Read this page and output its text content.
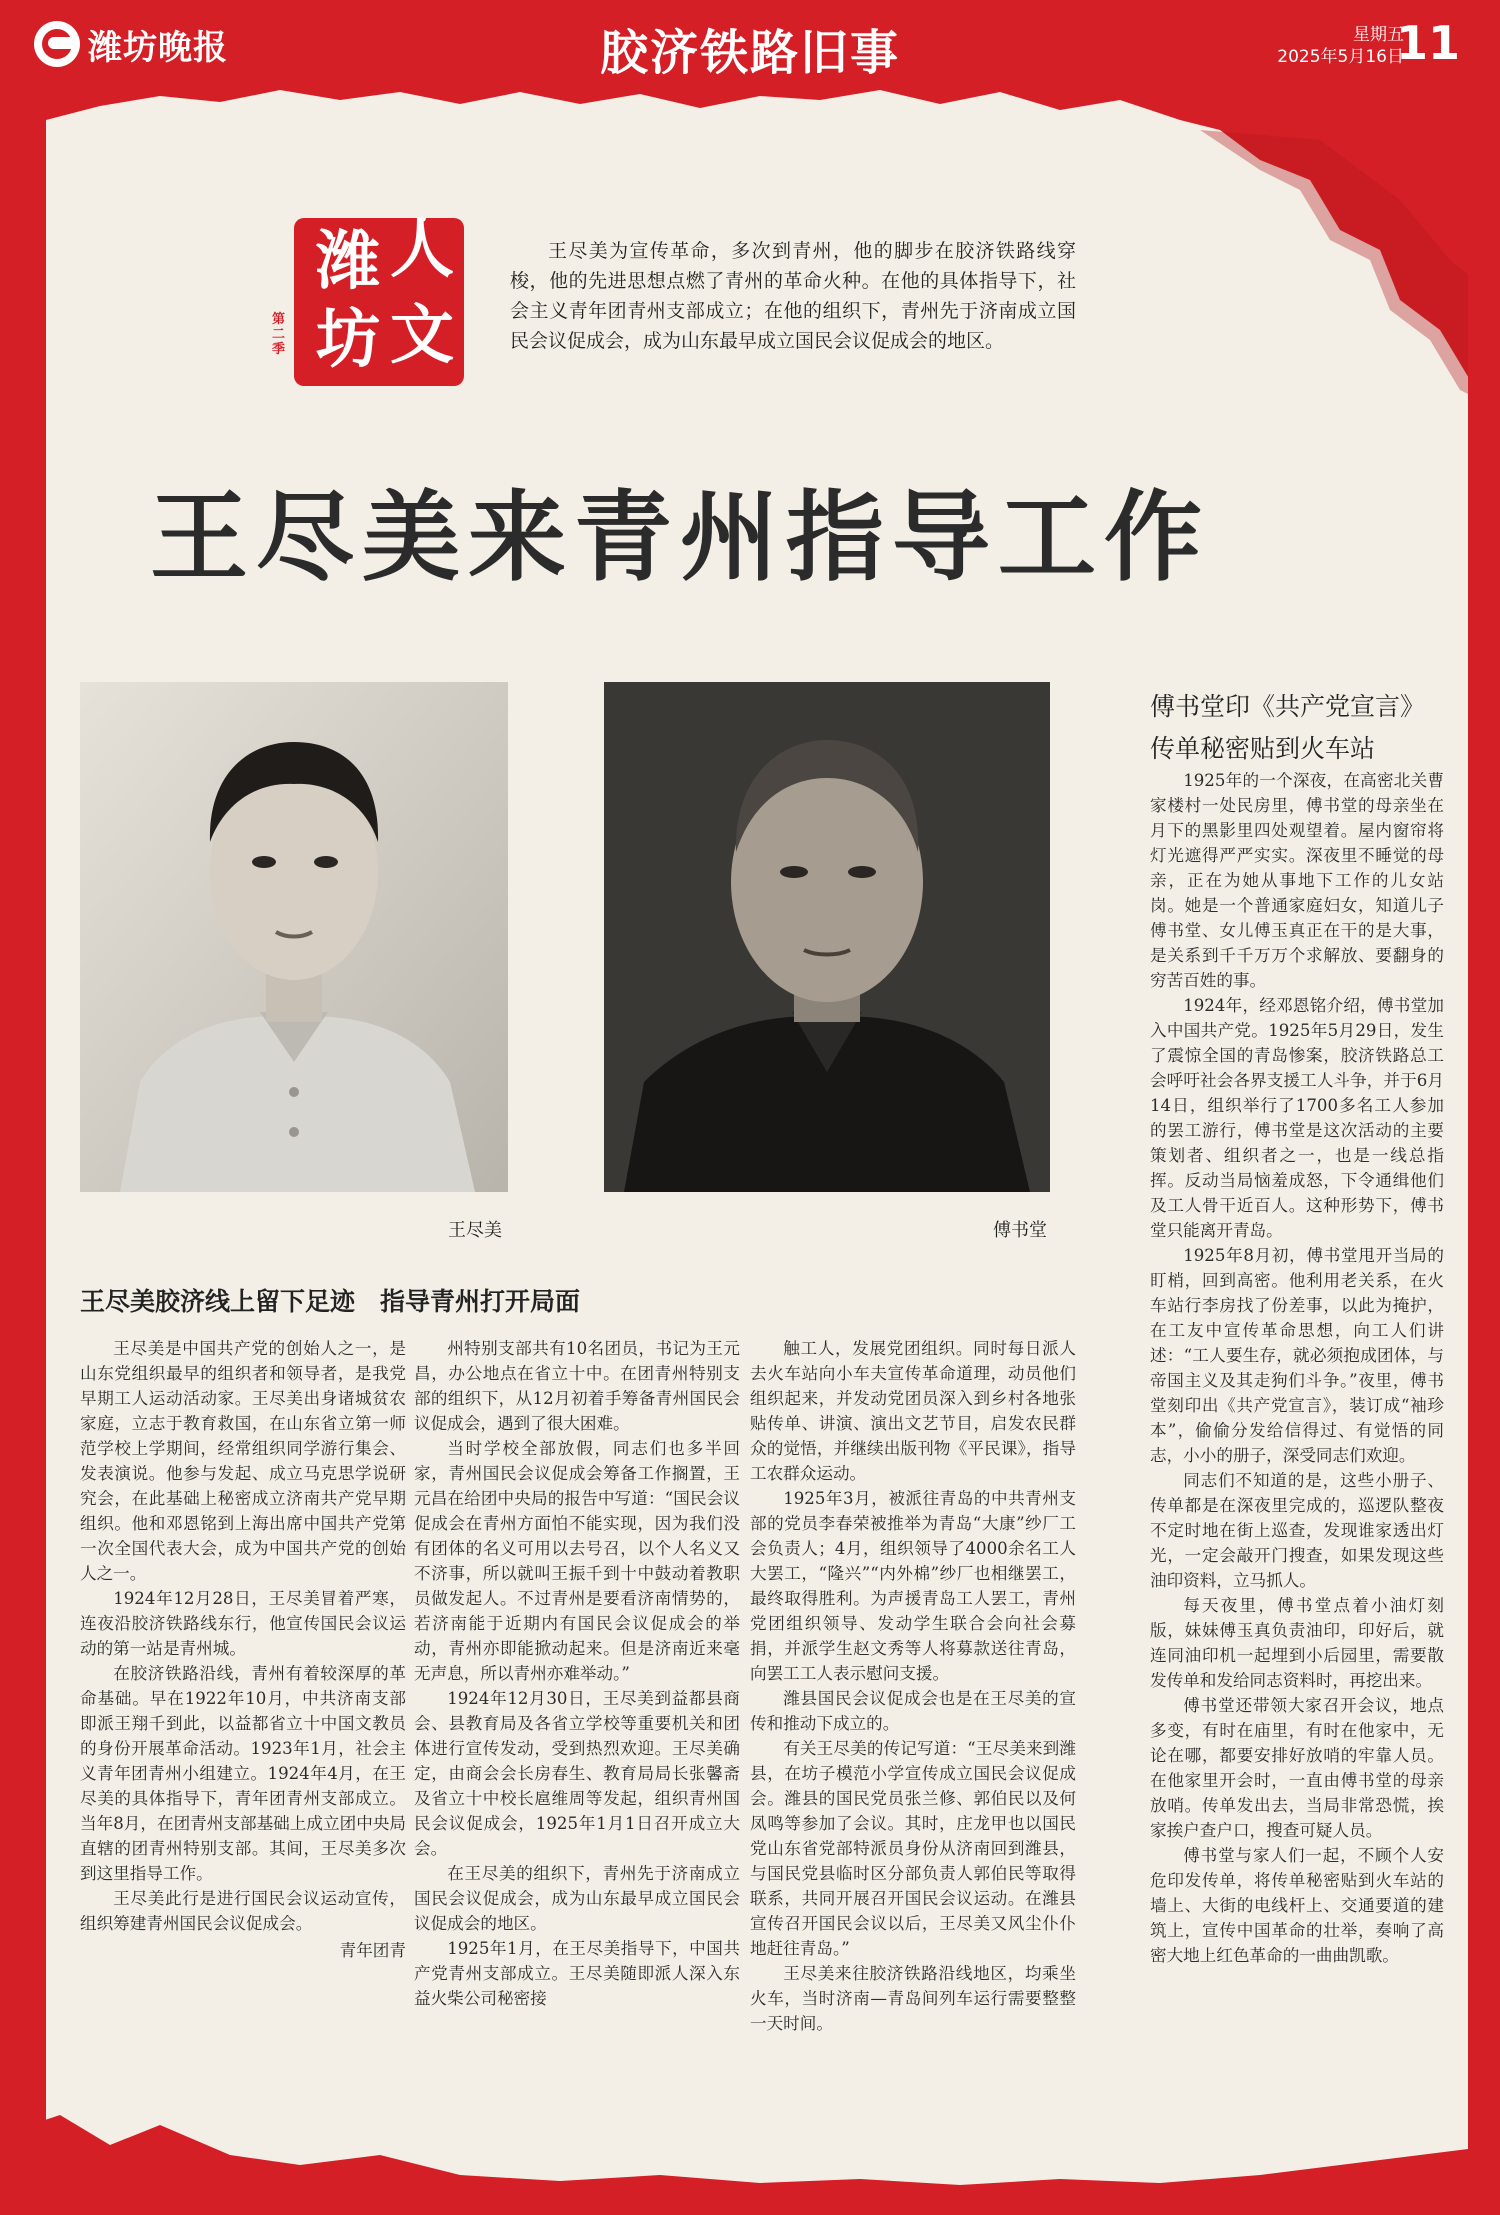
潍坊晚报	胶济铁路旧事	星期五
2025年5月16日
11
潍 人
坊 文
第二季

王尽美为宣传革命，多次到青州，他的脚步在胶济铁路线穿梭，他的先进思想点燃了青州的革命火种。在他的具体指导下，社会主义青年团青州支部成立；在他的组织下，青州先于济南成立国民会议促成会，成为山东最早成立国民会议促成会的地区。

王尽美来青州指导工作
王尽美	傅书堂
傅书堂印《共产党宣言》
传单秘密贴到火车站

1925年的一个深夜，在高密北关曹家楼村一处民房里，傅书堂的母亲坐在月下的黑影里四处观望着。屋内窗帘将灯光遮得严严实实。深夜里不睡觉的母亲，正在为她从事地下工作的儿女站岗。她是一个普通家庭妇女，知道儿子傅书堂、女儿傅玉真正在干的是大事，是关系到千千万万个求解放、要翻身的穷苦百姓的事。

1924年，经邓恩铭介绍，傅书堂加入中国共产党。1925年5月29日，发生了震惊全国的青岛惨案，胶济铁路总工会呼吁社会各界支援工人斗争，并于6月14日，组织举行了1700多名工人参加的罢工游行，傅书堂是这次活动的主要策划者、组织者之一，也是一线总指挥。反动当局恼羞成怒，下令通缉他们及工人骨干近百人。这种形势下，傅书堂只能离开青岛。

1925年8月初，傅书堂甩开当局的盯梢，回到高密。他利用老关系，在火车站行李房找了份差事，以此为掩护，在工友中宣传革命思想，向工人们讲述：“工人要生存，就必须抱成团体，与帝国主义及其走狗们斗争。”夜里，傅书堂刻印出《共产党宣言》，装订成“袖珍本”，偷偷分发给信得过、有觉悟的同志，小小的册子，深受同志们欢迎。

同志们不知道的是，这些小册子、传单都是在深夜里完成的，巡逻队整夜不定时地在街上巡查，发现谁家透出灯光，一定会敲开门搜查，如果发现这些油印资料，立马抓人。

每天夜里，傅书堂点着小油灯刻版，妹妹傅玉真负责油印，印好后，就连同油印机一起埋到小后园里，需要散发传单和发给同志资料时，再挖出来。

傅书堂还带领大家召开会议，地点多变，有时在庙里，有时在他家中，无论在哪，都要安排好放哨的牢靠人员。在他家里开会时，一直由傅书堂的母亲放哨。传单发出去，当局非常恐慌，挨家挨户查户口，搜查可疑人员。

傅书堂与家人们一起，不顾个人安危印发传单，将传单秘密贴到火车站的墙上、大街的电线杆上、交通要道的建筑上，宣传中国革命的壮举，奏响了高密大地上红色革命的一曲曲凯歌。

王尽美胶济线上留下足迹　指导青州打开局面

王尽美是中国共产党的创始人之一，是山东党组织最早的组织者和领导者，是我党早期工人运动活动家。王尽美出身诸城贫农家庭，立志于教育救国，在山东省立第一师范学校上学期间，经常组织同学游行集会、发表演说。他参与发起、成立马克思学说研究会，在此基础上秘密成立济南共产党早期组织。他和邓恩铭到上海出席中国共产党第一次全国代表大会，成为中国共产党的创始人之一。

1924年12月28日，王尽美冒着严寒，连夜沿胶济铁路线东行，他宣传国民会议运动的第一站是青州城。

在胶济铁路沿线，青州有着较深厚的革命基础。早在1922年10月，中共济南支部即派王翔千到此，以益都省立十中国文教员的身份开展革命活动。1923年1月，社会主义青年团青州小组建立。1924年4月，在王尽美的具体指导下，青年团青州支部成立。当年8月，在团青州支部基础上成立团中央局直辖的团青州特别支部。其间，王尽美多次到这里指导工作。

王尽美此行是进行国民会议运动宣传，组织筹建青州国民会议促成会。

青年团青

州特别支部共有10名团员，书记为王元昌，办公地点在省立十中。在团青州特别支部的组织下，从12月初着手筹备青州国民会议促成会，遇到了很大困难。

当时学校全部放假，同志们也多半回家，青州国民会议促成会筹备工作搁置，王元昌在给团中央局的报告中写道：“国民会议促成会在青州方面怕不能实现，因为我们没有团体的名义可用以去号召，以个人名义又不济事，所以就叫王振千到十中鼓动着教职员做发起人。不过青州是要看济南情势的，若济南能于近期内有国民会议促成会的举动，青州亦即能掀动起来。但是济南近来毫无声息，所以青州亦难举动。”

1924年12月30日，王尽美到益都县商会、县教育局及各省立学校等重要机关和团体进行宣传发动，受到热烈欢迎。王尽美确定，由商会会长房春生、教育局局长张馨斋及省立十中校长扈维周等发起，组织青州国民会议促成会，1925年1月1日召开成立大会。

在王尽美的组织下，青州先于济南成立国民会议促成会，成为山东最早成立国民会议促成会的地区。

1925年1月，在王尽美指导下，中国共产党青州支部成立。王尽美随即派人深入东益火柴公司秘密接

触工人，发展党团组织。同时每日派人去火车站向小车夫宣传革命道理，动员他们组织起来，并发动党团员深入到乡村各地张贴传单、讲演、演出文艺节目，启发农民群众的觉悟，并继续出版刊物《平民课》，指导工农群众运动。

1925年3月，被派往青岛的中共青州支部的党员李春荣被推举为青岛“大康”纱厂工会负责人；4月，组织领导了4000余名工人大罢工，“隆兴”“内外棉”纱厂也相继罢工，最终取得胜利。为声援青岛工人罢工，青州党团组织领导、发动学生联合会向社会募捐，并派学生赵文秀等人将募款送往青岛，向罢工工人表示慰问支援。

潍县国民会议促成会也是在王尽美的宣传和推动下成立的。

有关王尽美的传记写道：“王尽美来到潍县，在坊子模范小学宣传成立国民会议促成会。潍县的国民党员张兰修、郭伯民以及何凤鸣等参加了会议。其时，庄龙甲也以国民党山东省党部特派员身份从济南回到潍县，与国民党县临时区分部负责人郭伯民等取得联系，共同开展召开国民会议运动。在潍县宣传召开国民会议以后，王尽美又风尘仆仆地赶往青岛。”

王尽美来往胶济铁路沿线地区，均乘坐火车，当时济南—青岛间列车运行需要整整一天时间。
